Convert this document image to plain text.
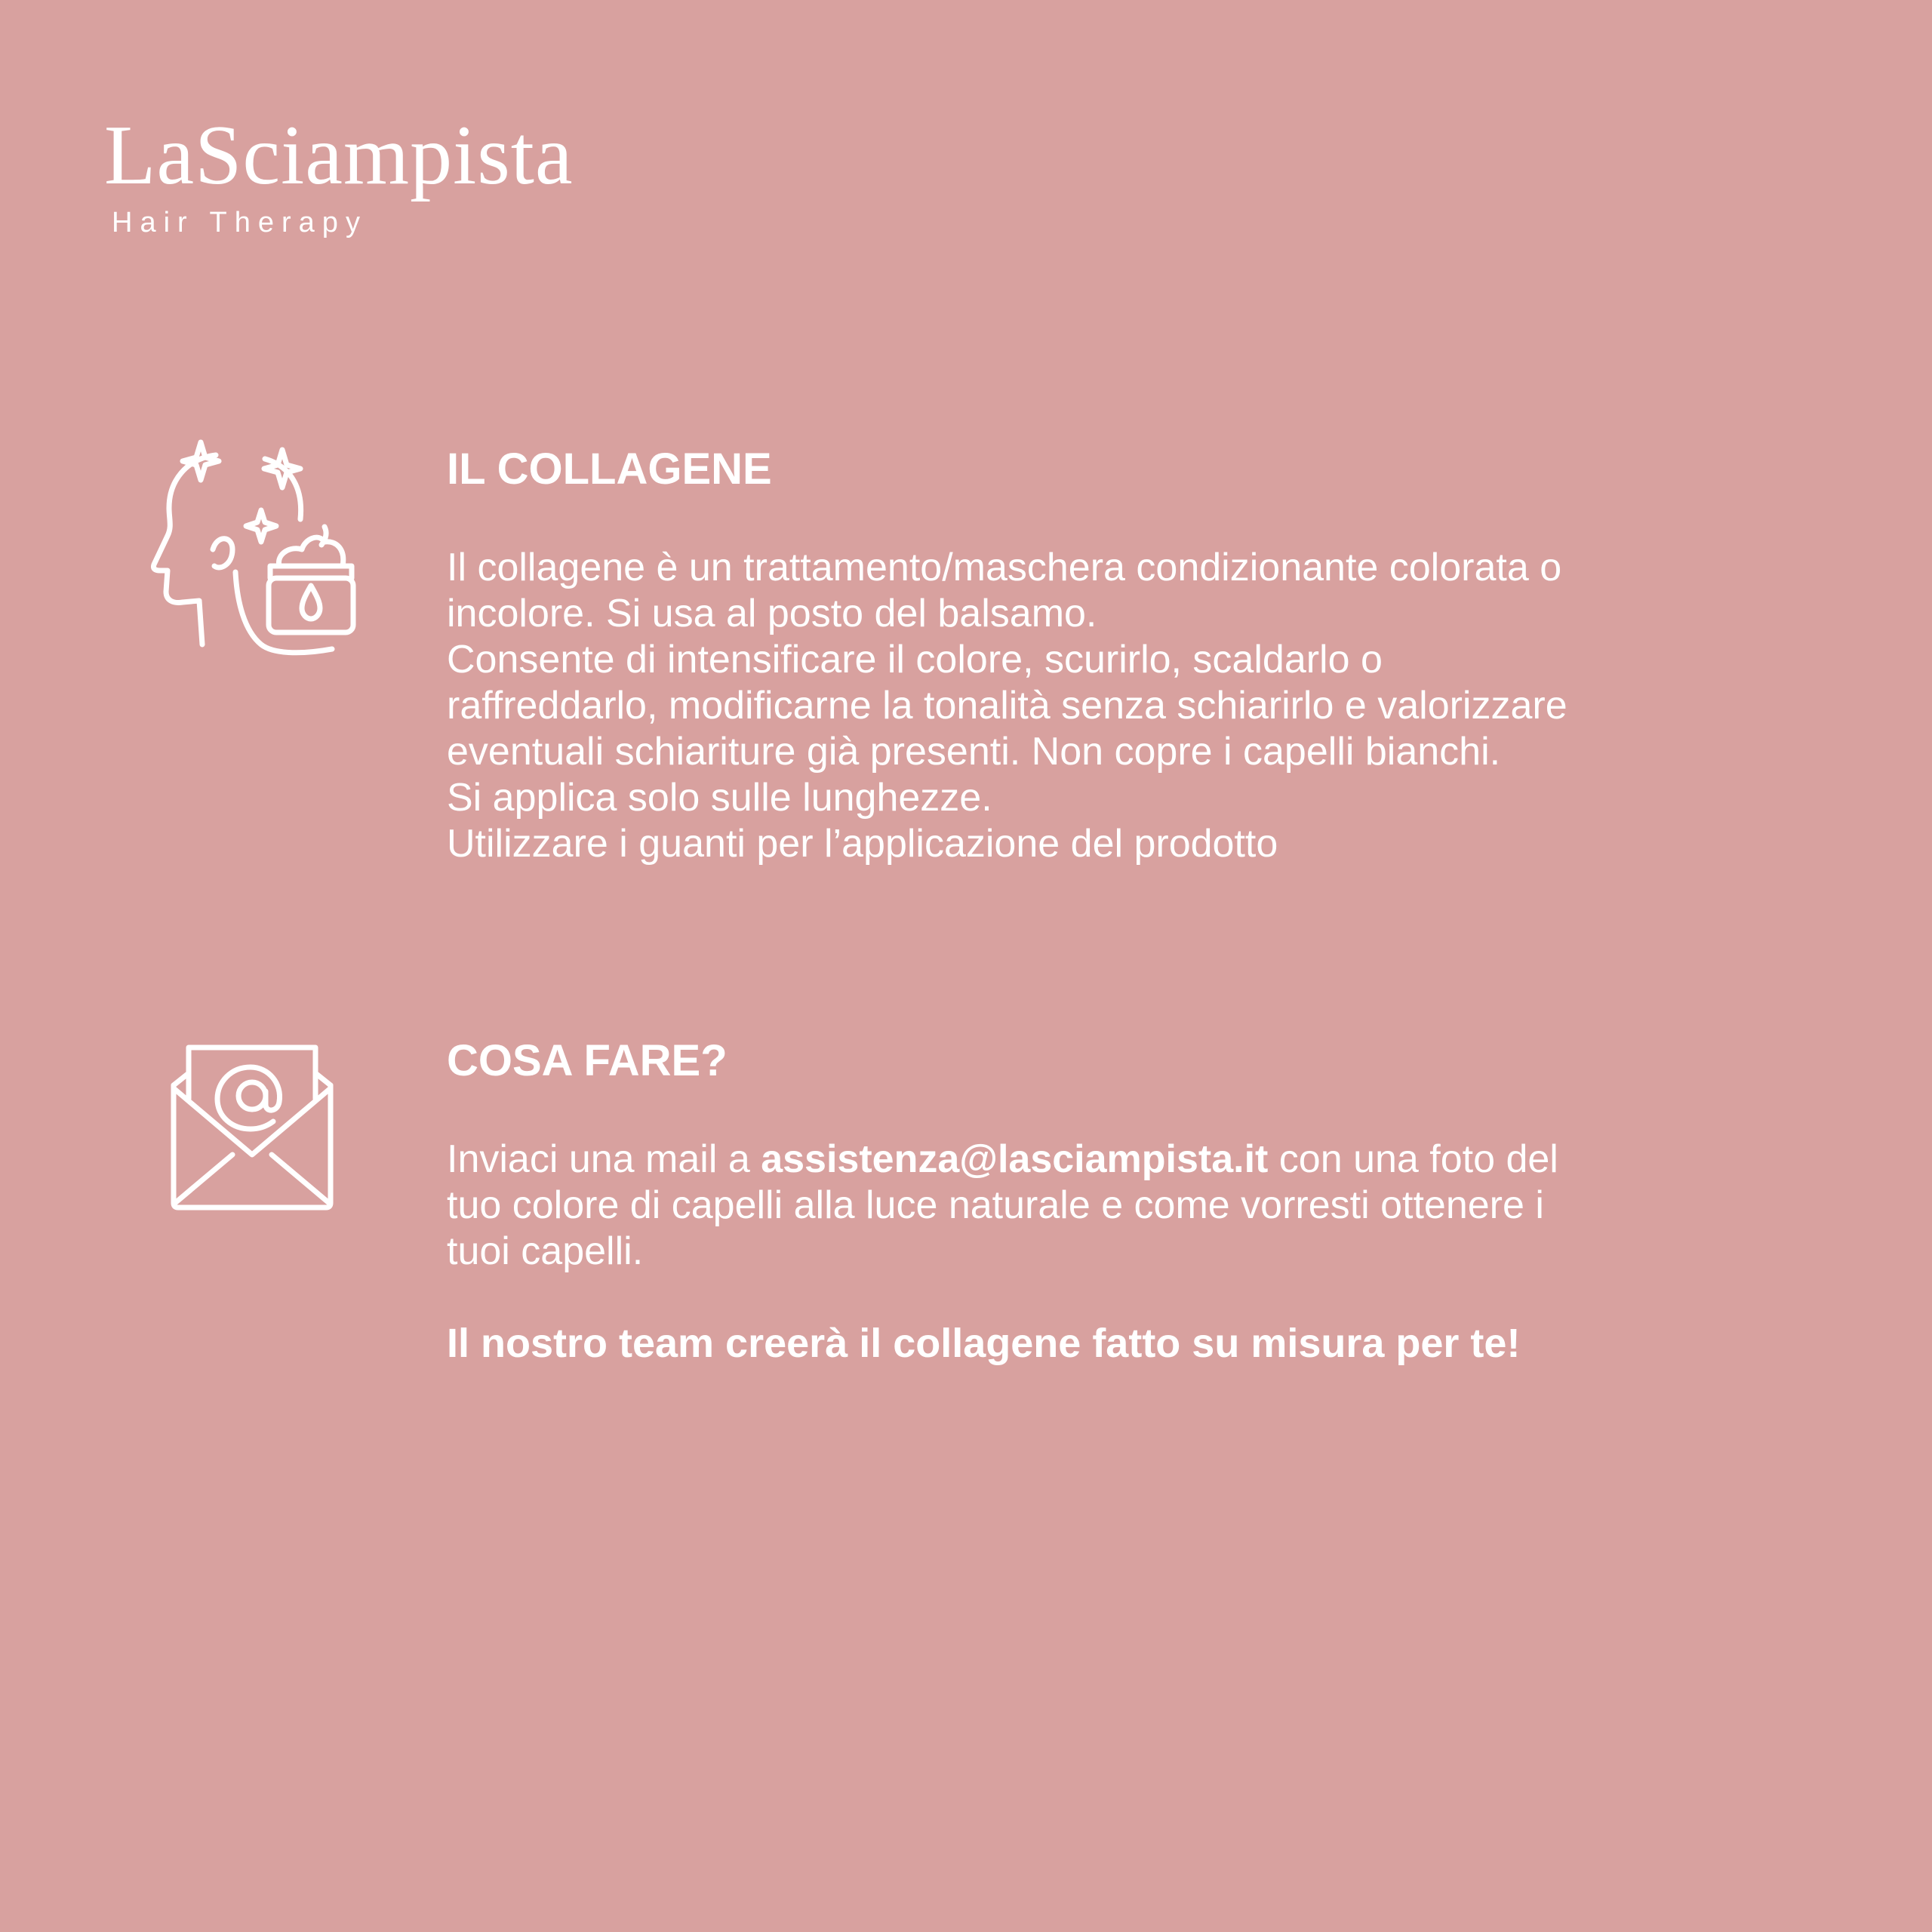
LaSciampista
Hair Therapy
IL COLLAGENE
Il collagene è un trattamento/maschera condizionante colorata o
incolore. Si usa al posto del balsamo.
Consente di intensificare il colore, scurirlo, scaldarlo o
raffreddarlo, modificarne la tonalità senza schiarirlo e valorizzare
eventuali schiariture già presenti. Non copre i capelli bianchi.
Si applica solo sulle lunghezze.
Utilizzare i guanti per l’applicazione del prodotto
COSA FARE?
Inviaci una mail a assistenza@lasciampista.it con una foto del
tuo colore di capelli alla luce naturale e come vorresti ottenere i
tuoi capelli.
Il nostro team creerà il collagene fatto su misura per te!
